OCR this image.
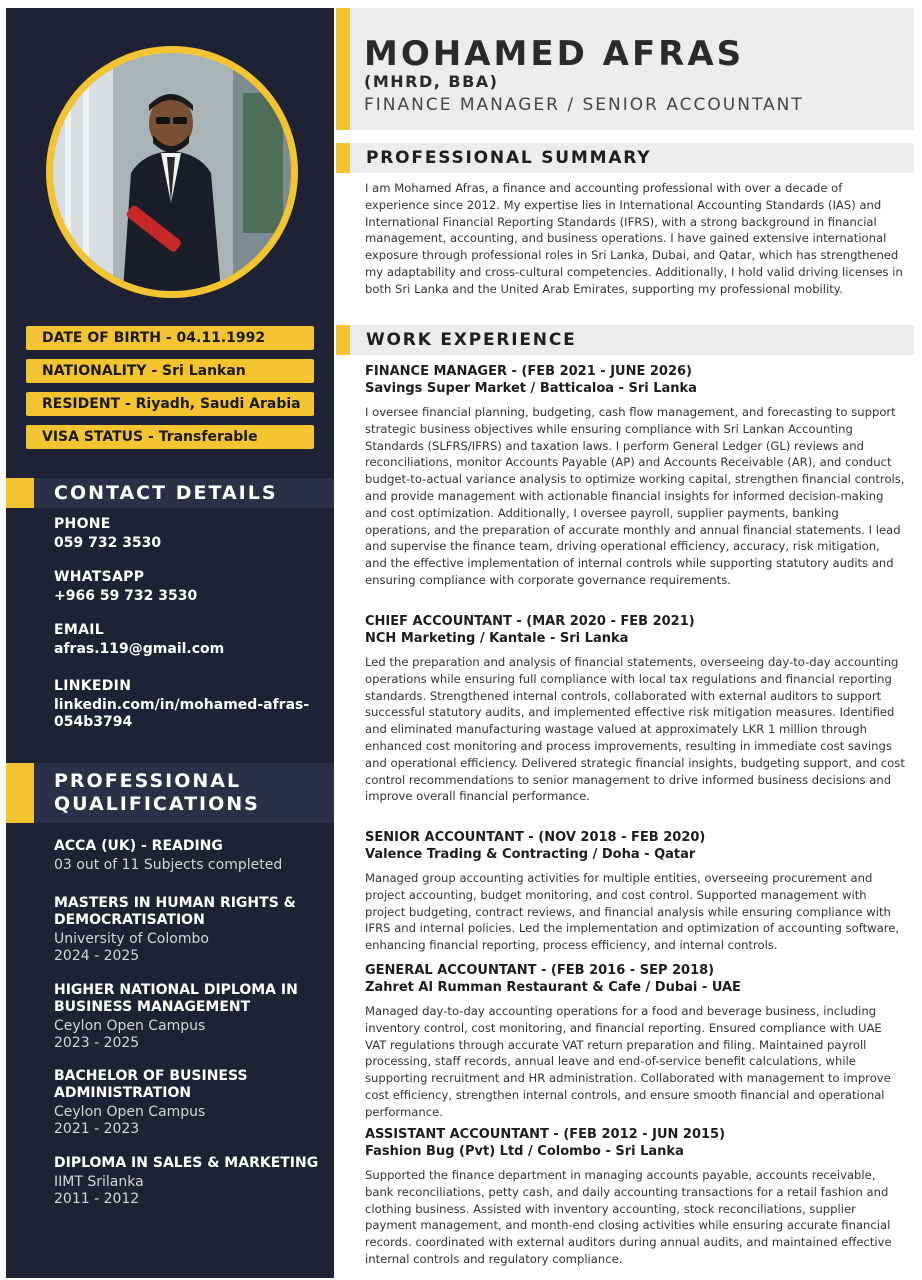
DATE OF BIRTH - 04.11.1992
NATIONALITY - Sri Lankan
RESIDENT - Riyadh, Saudi Arabia
VISA STATUS - Transferable
CONTACT DETAILS
PHONE
059 732 3530
WHATSAPP
+966 59 732 3530
EMAIL
afras.119@gmail.com
LINKEDIN
linkedin.com/in/mohamed-afras-054b3794
PROFESSIONAL
QUALIFICATIONS
ACCA (UK) - READING
03 out of 11 Subjects completed
MASTERS IN HUMAN RIGHTS & DEMOCRATISATION
University of Colombo
2024 - 2025
HIGHER NATIONAL DIPLOMA IN BUSINESS MANAGEMENT
Ceylon Open Campus
2023 - 2025
BACHELOR OF BUSINESS ADMINISTRATION
Ceylon Open Campus
2021 - 2023
DIPLOMA IN SALES & MARKETING
IIMT Srilanka
2011 - 2012
MOHAMED AFRAS
(MHRD, BBA)
FINANCE MANAGER / SENIOR ACCOUNTANT
PROFESSIONAL SUMMARY
I am Mohamed Afras, a finance and accounting professional with over a decade of experience since 2012. My expertise lies in International Accounting Standards (IAS) and International Financial Reporting Standards (IFRS), with a strong background in financial management, accounting, and business operations. I have gained extensive international exposure through professional roles in Sri Lanka, Dubai, and Qatar, which has strengthened my adaptability and cross-cultural competencies. Additionally, I hold valid driving licenses in both Sri Lanka and the United Arab Emirates, supporting my professional mobility.
WORK EXPERIENCE
FINANCE MANAGER - (FEB 2021 - JUNE 2026)
Savings Super Market / Batticaloa - Sri Lanka
I oversee financial planning, budgeting, cash flow management, and forecasting to support strategic business objectives while ensuring compliance with Sri Lankan Accounting Standards (SLFRS/IFRS) and taxation laws. I perform General Ledger (GL) reviews and reconciliations, monitor Accounts Payable (AP) and Accounts Receivable (AR), and conduct budget-to-actual variance analysis to optimize working capital, strengthen financial controls, and provide management with actionable financial insights for informed decision-making and cost optimization. Additionally, I oversee payroll, supplier payments, banking operations, and the preparation of accurate monthly and annual financial statements. I lead and supervise the finance team, driving operational efficiency, accuracy, risk mitigation, and the effective implementation of internal controls while supporting statutory audits and ensuring compliance with corporate governance requirements.
CHIEF ACCOUNTANT - (MAR 2020 - FEB 2021)
NCH Marketing / Kantale - Sri Lanka
Led the preparation and analysis of financial statements, overseeing day-to-day accounting operations while ensuring full compliance with local tax regulations and financial reporting standards. Strengthened internal controls, collaborated with external auditors to support successful statutory audits, and implemented effective risk mitigation measures. Identified and eliminated manufacturing wastage valued at approximately LKR 1 million through enhanced cost monitoring and process improvements, resulting in immediate cost savings and operational efficiency. Delivered strategic financial insights, budgeting support, and cost control recommendations to senior management to drive informed business decisions and improve overall financial performance.
SENIOR ACCOUNTANT - (NOV 2018 - FEB 2020)
Valence Trading & Contracting / Doha - Qatar
Managed group accounting activities for multiple entities, overseeing procurement and project accounting, budget monitoring, and cost control. Supported management with project budgeting, contract reviews, and financial analysis while ensuring compliance with IFRS and internal policies. Led the implementation and optimization of accounting software, enhancing financial reporting, process efficiency, and internal controls.
GENERAL ACCOUNTANT - (FEB 2016 - SEP 2018)
Zahret Al Rumman Restaurant & Cafe / Dubai - UAE
Managed day-to-day accounting operations for a food and beverage business, including inventory control, cost monitoring, and financial reporting. Ensured compliance with UAE VAT regulations through accurate VAT return preparation and filing. Maintained payroll processing, staff records, annual leave and end-of-service benefit calculations, while supporting recruitment and HR administration. Collaborated with management to improve cost efficiency, strengthen internal controls, and ensure smooth financial and operational performance.
ASSISTANT ACCOUNTANT - (FEB 2012 - JUN 2015)
Fashion Bug (Pvt) Ltd / Colombo - Sri Lanka
Supported the finance department in managing accounts payable, accounts receivable, bank reconciliations, petty cash, and daily accounting transactions for a retail fashion and clothing business. Assisted with inventory accounting, stock reconciliations, supplier payment management, and month-end closing activities while ensuring accurate financial records. coordinated with external auditors during annual audits, and maintained effective internal controls and regulatory compliance.
